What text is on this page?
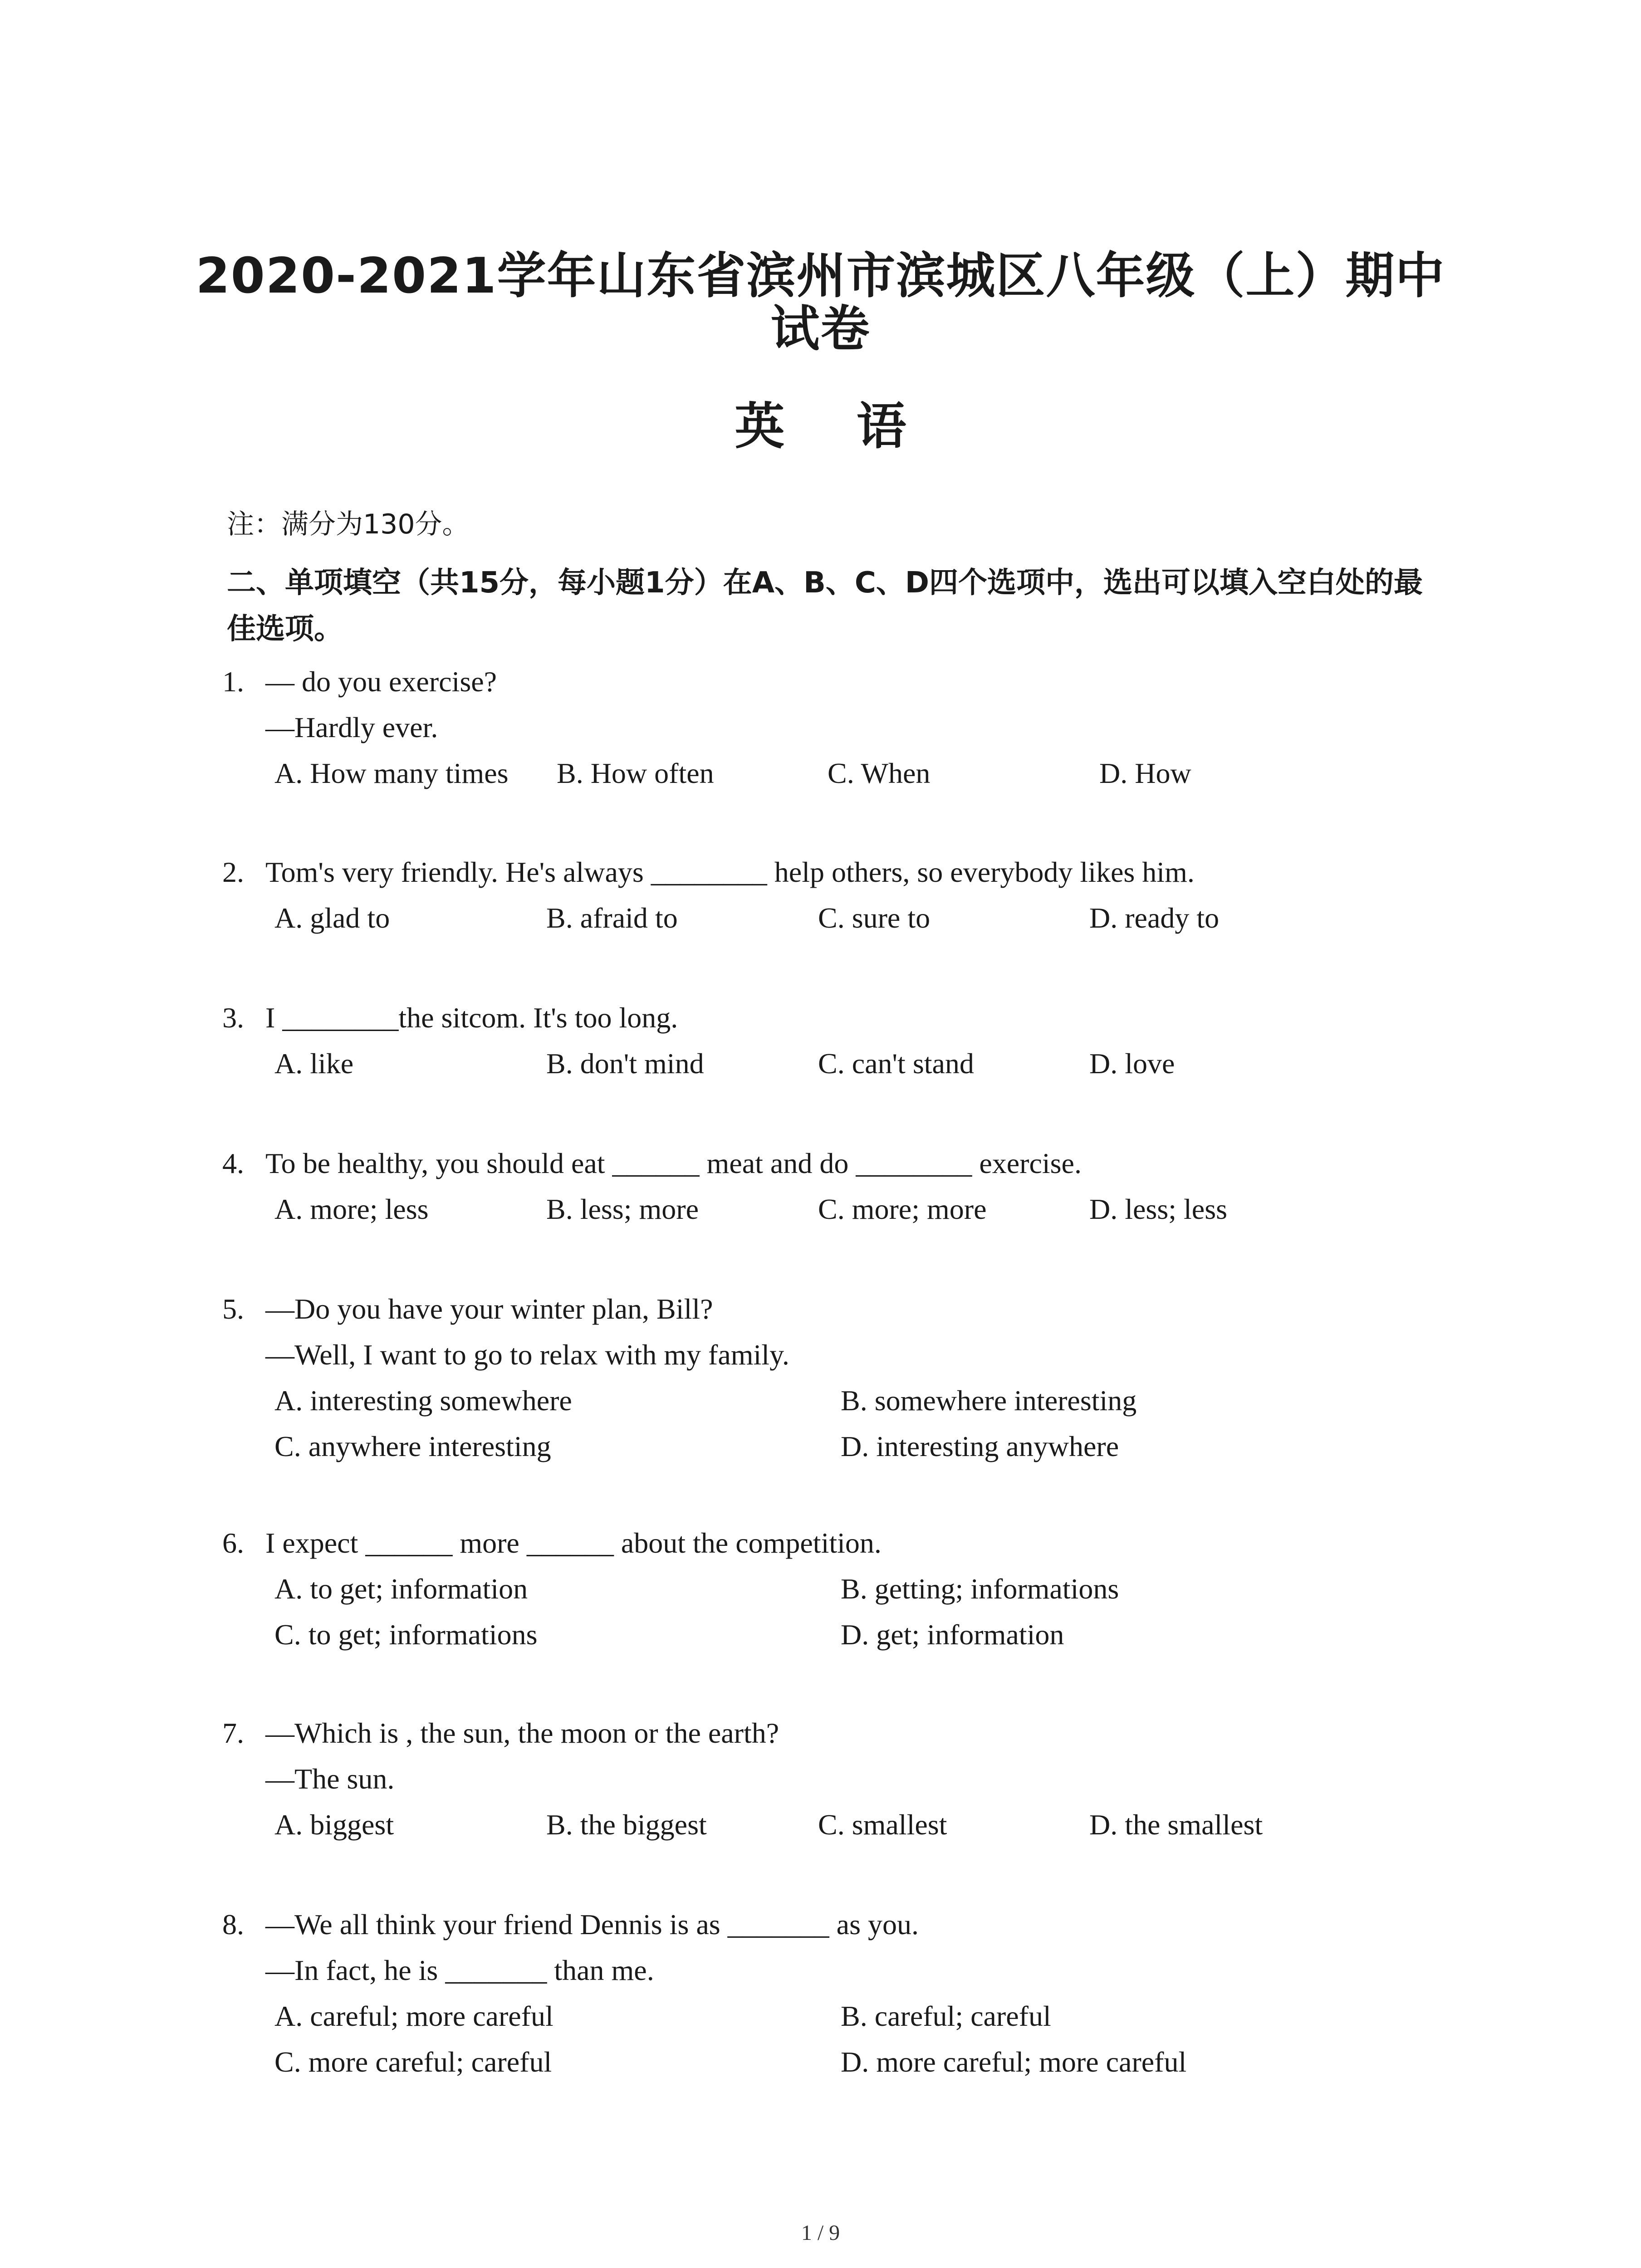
2020-2021学年山东省滨州市滨城区八年级（上）期中
试卷
英 语
注：满分为130分。
二、单项填空（共15分，每小题1分）在A、B、C、D四个选项中，选出可以填入空白处的最佳选项。
1. — do you exercise?
—Hardly ever.
A. How many times B. How often	C. When	D. How
2. Tom's very friendly. He's always ________ help others, so everybody likes him.
A. glad to	B. afraid to	C. sure to	D. ready to
3. I ________the sitcom. It's too long.
A. like	B. don't mind	C. can't stand	D. love
4. To be healthy, you should eat ______ meat and do ________ exercise.
A. more; less	B. less; more	C. more; more	D. less; less
5. —Do you have your winter plan, Bill?
—Well, I want to go to relax with my family.
A. interesting somewhere	B. somewhere interesting
C. anywhere interesting	D. interesting anywhere
6. I expect ______ more ______ about the competition.
A. to get; information	B. getting; informations
C. to get; informations	D. get; information
7. —Which is , the sun, the moon or the earth?
—The sun.
A. biggest	B. the biggest	C. smallest	D. the smallest
8. —We all think your friend Dennis is as _______ as you.
—In fact, he is _______ than me.
A. careful; more careful	B. careful; careful
C. more careful; careful	D. more careful; more careful
1 / 9
